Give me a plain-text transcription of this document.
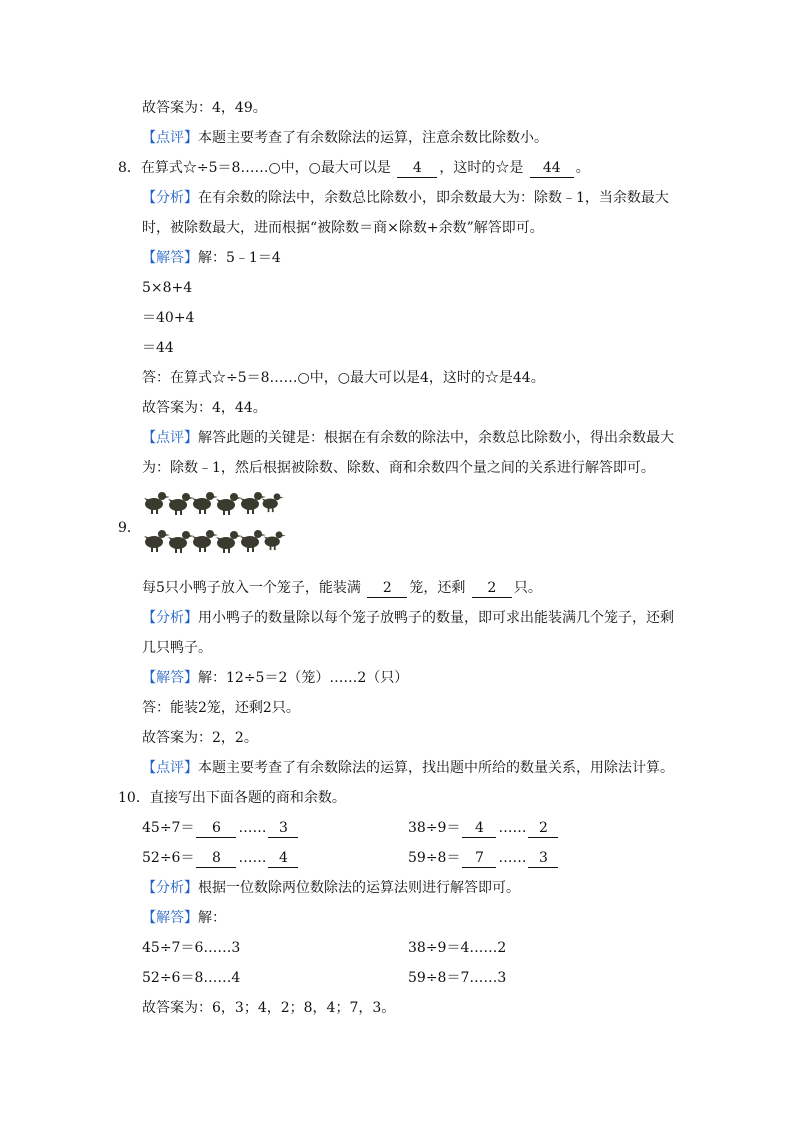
故答案为：4，49。
【点评】本题主要考查了有余数除法的运算，注意余数比除数小。
8．在算式☆÷5＝8……○中，○最大可以是 4 ，这时的☆是 44 。
【分析】在有余数的除法中，余数总比除数小，即余数最大为：除数﹣1，当余数最大
时，被除数最大，进而根据“被除数＝商×除数+余数”解答即可。
【解答】解：5﹣1＝4
5×8+4
＝40+4
＝44
答：在算式☆÷5＝8……○中，○最大可以是4，这时的☆是44。
故答案为：4，44。
【点评】解答此题的关键是：根据在有余数的除法中，余数总比除数小，得出余数最大
为：除数﹣1，然后根据被除数、除数、商和余数四个量之间的关系进行解答即可。
9．
每5只小鸭子放入一个笼子，能装满 2 笼，还剩 2 只。
【分析】用小鸭子的数量除以每个笼子放鸭子的数量，即可求出能装满几个笼子，还剩
几只鸭子。
【解答】解：12÷5＝2（笼）……2（只）
答：能装2笼，还剩2只。
故答案为：2，2。
【点评】本题主要考查了有余数除法的运算，找出题中所给的数量关系，用除法计算。
10．直接写出下面各题的商和余数。
45÷7＝ 6 …… 3	38÷9＝ 4 …… 2
52÷6＝ 8 …… 4	59÷8＝ 7 …… 3
【分析】根据一位数除两位数除法的运算法则进行解答即可。
【解答】解：
45÷7＝6……3	38÷9＝4……2
52÷6＝8……4	59÷8＝7……3
故答案为：6，3；4，2；8，4；7，3。
